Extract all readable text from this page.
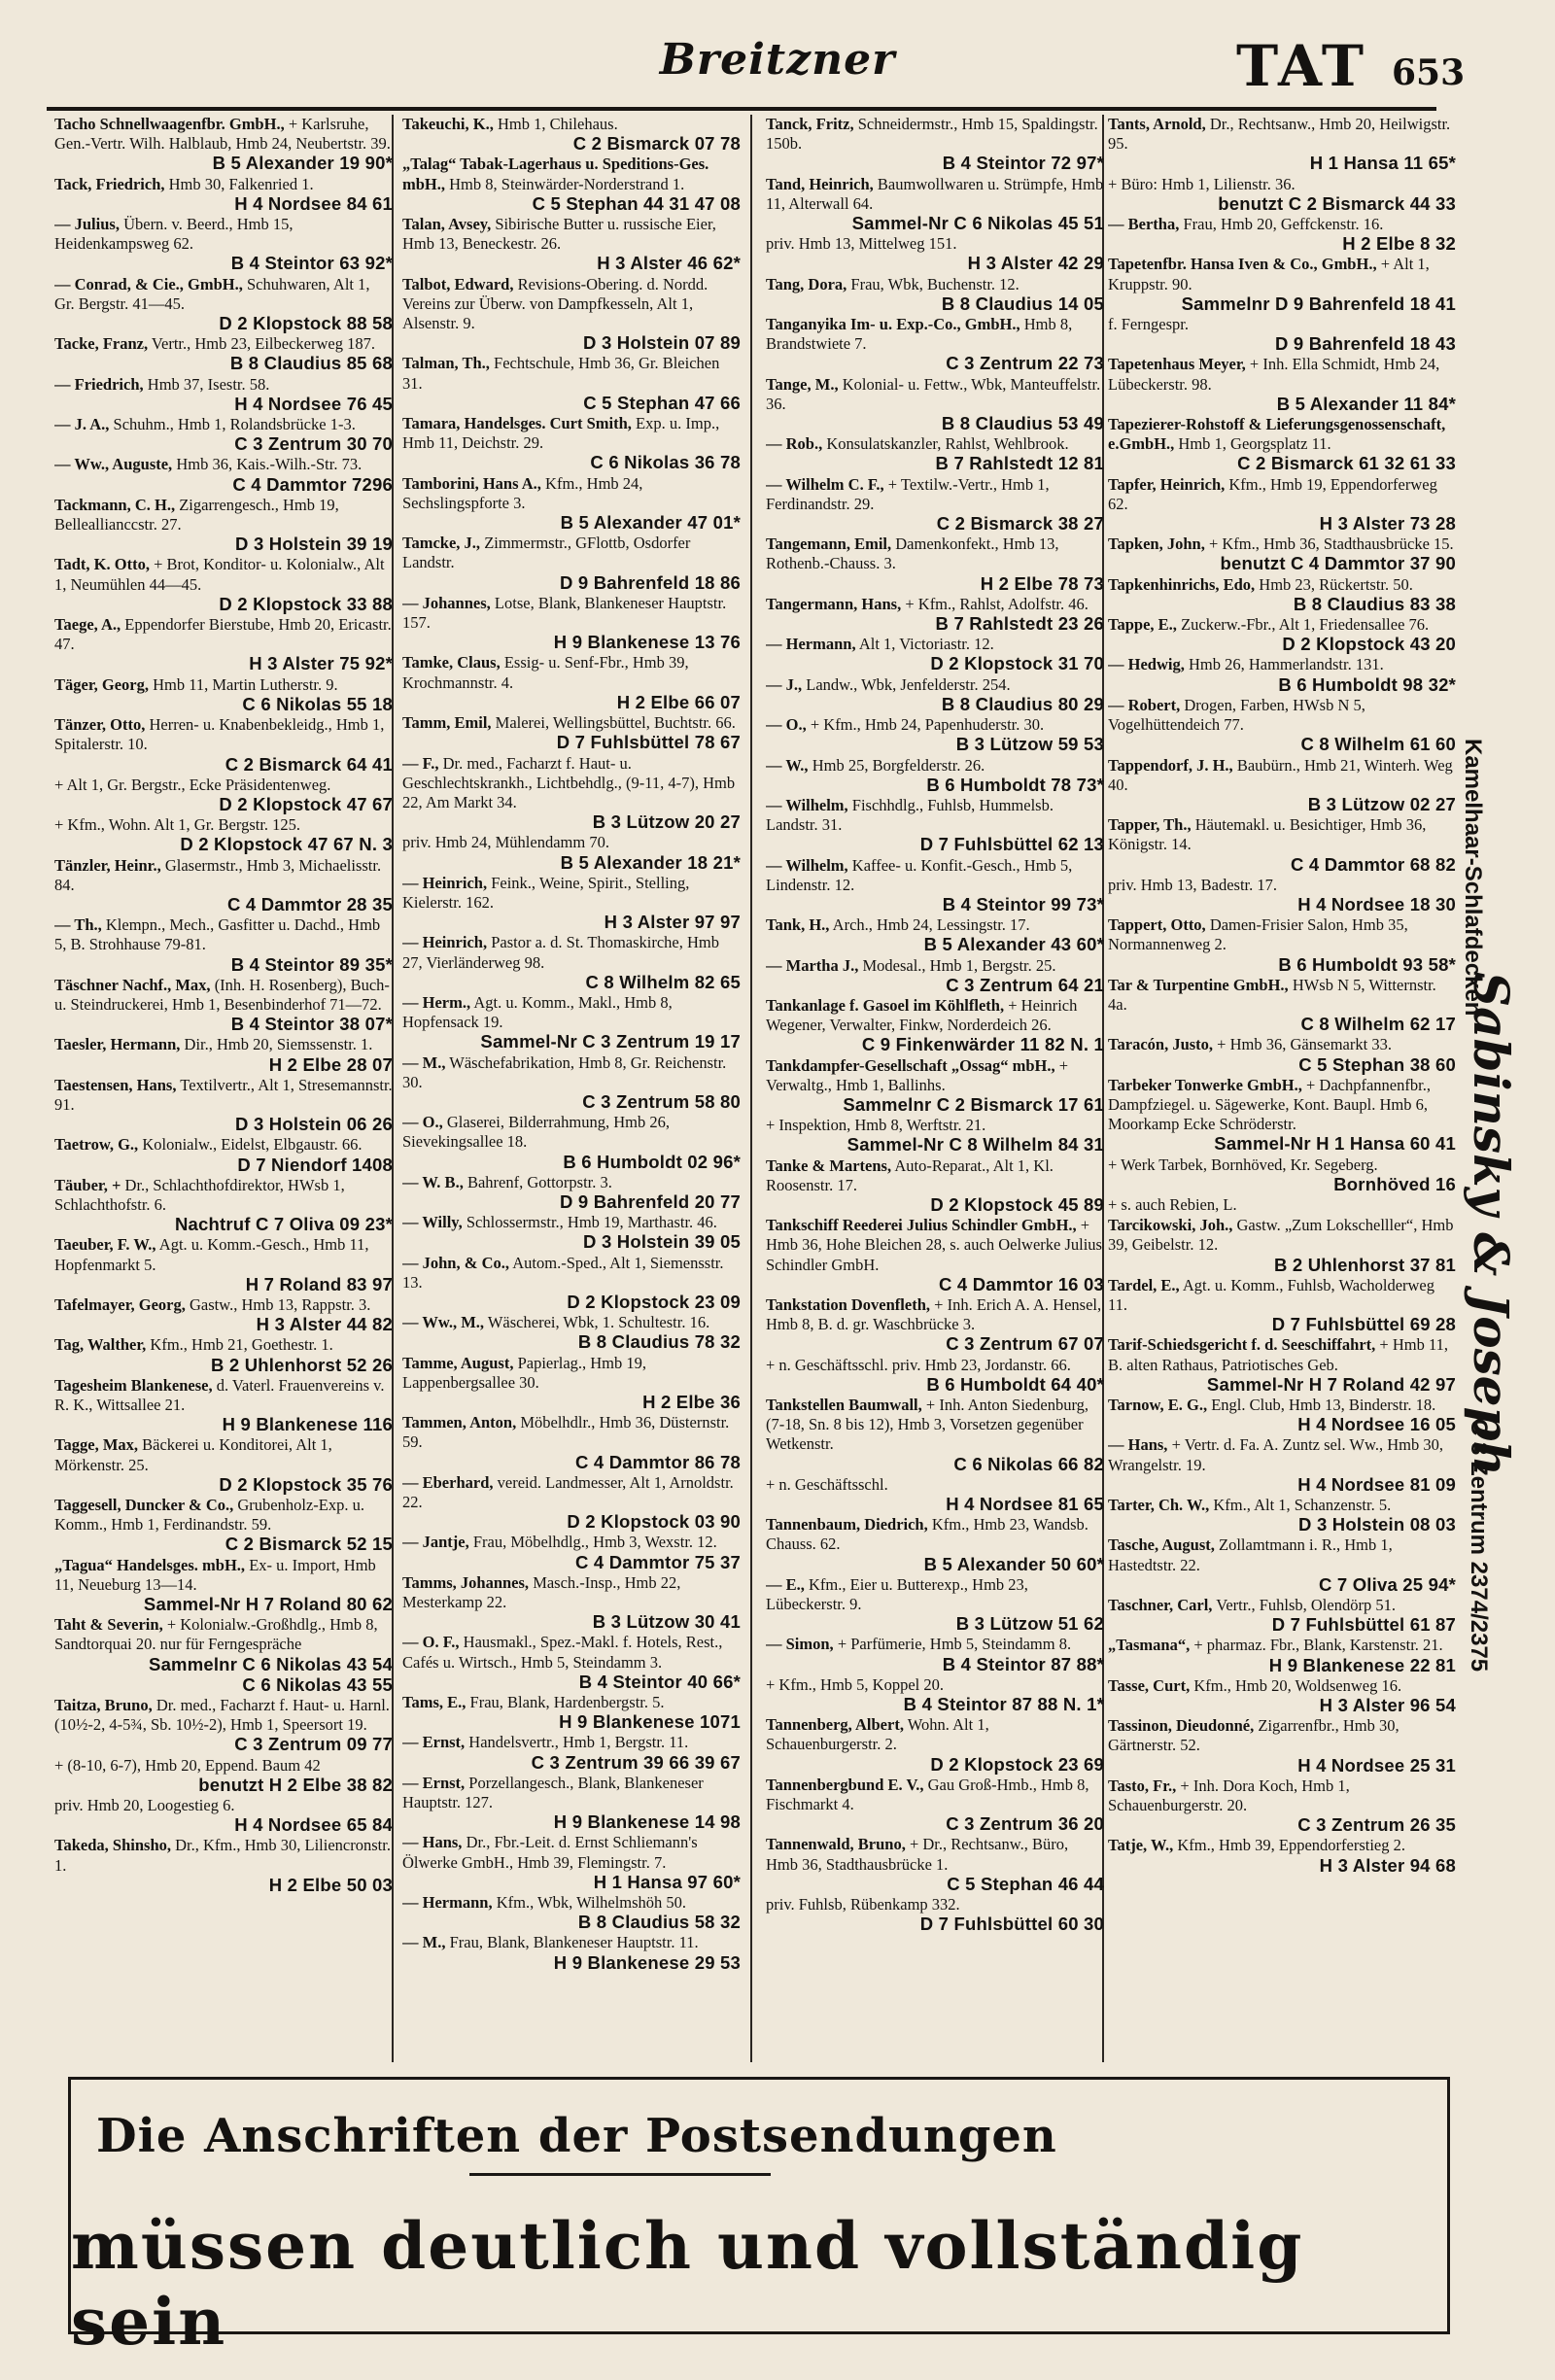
Breitzner	TAT 653
Tacho Schnellwaagenfbr. GmbH., + Karlsruhe, Gen.-Vertr. Wilh. Halblaub, Hmb 24, Neubertstr. 39.
B 5 Alexander 19 90*
Tack, Friedrich, Hmb 30, Falkenried 1.
H 4 Nordsee 84 61
— Julius, Übern. v. Beerd., Hmb 15, Heidenkampsweg 62.
B 4 Steintor 63 92*
— Conrad, & Cie., GmbH., Schuhwaren, Alt 1, Gr. Bergstr. 41—45.
D 2 Klopstock 88 58
Tacke, Franz, Vertr., Hmb 23, Eilbeckerweg 187.
B 8 Claudius 85 68
— Friedrich, Hmb 37, Isestr. 58.
H 4 Nordsee 76 45
— J. A., Schuhm., Hmb 1, Rolandsbrücke 1-3.
C 3 Zentrum 30 70
— Ww., Auguste, Hmb 36, Kais.-Wilh.-Str. 73.
C 4 Dammtor 7296
Tackmann, C. H., Zigarrengesch., Hmb 19, Belleallianccstr. 27.
D 3 Holstein 39 19
Tadt, K. Otto, + Brot, Konditor- u. Kolonialw., Alt 1, Neumühlen 44—45.
D 2 Klopstock 33 88
Taege, A., Eppendorfer Bierstube, Hmb 20, Ericastr. 47.
H 3 Alster 75 92*
Täger, Georg, Hmb 11, Martin Lutherstr. 9.
C 6 Nikolas 55 18
Tänzer, Otto, Herren- u. Knabenbekleidg., Hmb 1, Spitalerstr. 10.
C 2 Bismarck 64 41
+ Alt 1, Gr. Bergstr., Ecke Präsidentenweg.
D 2 Klopstock 47 67
+ Kfm., Wohn. Alt 1, Gr. Bergstr. 125.
D 2 Klopstock 47 67 N. 3
Tänzler, Heinr., Glasermstr., Hmb 3, Michaelisstr. 84.
C 4 Dammtor 28 35
— Th., Klempn., Mech., Gasfitter u. Dachd., Hmb 5, B. Strohhause 79-81.
B 4 Steintor 89 35*
Täschner Nachf., Max, (Inh. H. Rosenberg), Buch- u. Steindruckerei, Hmb 1, Besenbinderhof 71—72.
B 4 Steintor 38 07*
Taesler, Hermann, Dir., Hmb 20, Siemssenstr. 1.
H 2 Elbe 28 07
Taestensen, Hans, Textilvertr., Alt 1, Stresemannstr. 91.
D 3 Holstein 06 26
Taetrow, G., Kolonialw., Eidelst, Elbgaustr. 66.
D 7 Niendorf 1408
Täuber, + Dr., Schlachthofdirektor, HWsb 1, Schlachthofstr. 6.
Nachtruf C 7 Oliva 09 23*
Taeuber, F. W., Agt. u. Komm.-Gesch., Hmb 11, Hopfenmarkt 5.
H 7 Roland 83 97
Tafelmayer, Georg, Gastw., Hmb 13, Rappstr. 3.
H 3 Alster 44 82
Tag, Walther, Kfm., Hmb 21, Goethestr. 1.
B 2 Uhlenhorst 52 26
Tagesheim Blankenese, d. Vaterl. Frauenvereins v. R. K., Wittsallee 21.
H 9 Blankenese 116
Tagge, Max, Bäckerei u. Konditorei, Alt 1, Mörkenstr. 25.
D 2 Klopstock 35 76
Taggesell, Duncker & Co., Grubenholz-Exp. u. Komm., Hmb 1, Ferdinandstr. 59.
C 2 Bismarck 52 15
„Tagua“ Handelsges. mbH., Ex- u. Import, Hmb 11, Neueburg 13—14.
Sammel-Nr H 7 Roland 80 62
Taht & Severin, + Kolonialw.-Großhdlg., Hmb 8, Sandtorquai 20. nur für Ferngespräche
Sammelnr C 6 Nikolas 43 54
C 6 Nikolas 43 55
Taitza, Bruno, Dr. med., Facharzt f. Haut- u. Harnl. (10½-2, 4-5¾, Sb. 10½-2), Hmb 1, Speersort 19.
C 3 Zentrum 09 77
+ (8-10, 6-7), Hmb 20, Eppend. Baum 42
benutzt H 2 Elbe 38 82
priv. Hmb 20, Loogestieg 6.
H 4 Nordsee 65 84
Takeda, Shinsho, Dr., Kfm., Hmb 30, Liliencronstr. 1.
H 2 Elbe 50 03
Takeuchi, K., Hmb 1, Chilehaus.
C 2 Bismarck 07 78
„Talag“ Tabak-Lagerhaus u. Speditions-Ges. mbH., Hmb 8, Steinwärder-Norderstrand 1.
C 5 Stephan 44 31 47 08
Talan, Avsey, Sibirische Butter u. russische Eier, Hmb 13, Beneckestr. 26.
H 3 Alster 46 62*
Talbot, Edward, Revisions-Obering. d. Nordd. Vereins zur Überw. von Dampfkesseln, Alt 1, Alsenstr. 9.
D 3 Holstein 07 89
Talman, Th., Fechtschule, Hmb 36, Gr. Bleichen 31.
C 5 Stephan 47 66
Tamara, Handelsges. Curt Smith, Exp. u. Imp., Hmb 11, Deichstr. 29.
C 6 Nikolas 36 78
Tamborini, Hans A., Kfm., Hmb 24, Sechslingspforte 3.
B 5 Alexander 47 01*
Tamcke, J., Zimmermstr., GFlottb, Osdorfer Landstr.
D 9 Bahrenfeld 18 86
— Johannes, Lotse, Blank, Blankeneser Hauptstr. 157.
H 9 Blankenese 13 76
Tamke, Claus, Essig- u. Senf-Fbr., Hmb 39, Krochmannstr. 4.
H 2 Elbe 66 07
Tamm, Emil, Malerei, Wellingsbüttel, Buchtstr. 66.
D 7 Fuhlsbüttel 78 67
— F., Dr. med., Facharzt f. Haut- u. Geschlechtskrankh., Lichtbehdlg., (9-11, 4-7), Hmb 22, Am Markt 34.
B 3 Lützow 20 27
priv. Hmb 24, Mühlendamm 70.
B 5 Alexander 18 21*
— Heinrich, Feink., Weine, Spirit., Stelling, Kielerstr. 162.
H 3 Alster 97 97
— Heinrich, Pastor a. d. St. Thomaskirche, Hmb 27, Vierländerweg 98.
C 8 Wilhelm 82 65
— Herm., Agt. u. Komm., Makl., Hmb 8, Hopfensack 19.
Sammel-Nr C 3 Zentrum 19 17
— M., Wäschefabrikation, Hmb 8, Gr. Reichenstr. 30.
C 3 Zentrum 58 80
— O., Glaserei, Bilderrahmung, Hmb 26, Sievekingsallee 18.
B 6 Humboldt 02 96*
— W. B., Bahrenf, Gottorpstr. 3.
D 9 Bahrenfeld 20 77
— Willy, Schlossermstr., Hmb 19, Marthastr. 46.
D 3 Holstein 39 05
— John, & Co., Autom.-Sped., Alt 1, Siemensstr. 13.
D 2 Klopstock 23 09
— Ww., M., Wäscherei, Wbk, 1. Schultestr. 16.
B 8 Claudius 78 32
Tamme, August, Papierlag., Hmb 19, Lappenbergsallee 30.
H 2 Elbe 36
Tammen, Anton, Möbelhdlr., Hmb 36, Düsternstr. 59.
C 4 Dammtor 86 78
— Eberhard, vereid. Landmesser, Alt 1, Arnoldstr. 22.
D 2 Klopstock 03 90
— Jantje, Frau, Möbelhdlg., Hmb 3, Wexstr. 12.
C 4 Dammtor 75 37
Tamms, Johannes, Masch.-Insp., Hmb 22, Mesterkamp 22.
B 3 Lützow 30 41
— O. F., Hausmakl., Spez.-Makl. f. Hotels, Rest., Cafés u. Wirtsch., Hmb 5, Steindamm 3.
B 4 Steintor 40 66*
Tams, E., Frau, Blank, Hardenbergstr. 5.
H 9 Blankenese 1071
— Ernst, Handelsvertr., Hmb 1, Bergstr. 11.
C 3 Zentrum 39 66 39 67
— Ernst, Porzellangesch., Blank, Blankeneser Hauptstr. 127.
H 9 Blankenese 14 98
— Hans, Dr., Fbr.-Leit. d. Ernst Schliemann's Ölwerke GmbH., Hmb 39, Flemingstr. 7.
H 1 Hansa 97 60*
— Hermann, Kfm., Wbk, Wilhelmshöh 50.
B 8 Claudius 58 32
— M., Frau, Blank, Blankeneser Hauptstr. 11.
H 9 Blankenese 29 53
Tanck, Fritz, Schneidermstr., Hmb 15, Spaldingstr. 150b.
B 4 Steintor 72 97*
Tand, Heinrich, Baumwollwaren u. Strümpfe, Hmb 11, Alterwall 64.
Sammel-Nr C 6 Nikolas 45 51
priv. Hmb 13, Mittelweg 151.
H 3 Alster 42 29
Tang, Dora, Frau, Wbk, Buchenstr. 12.
B 8 Claudius 14 05
Tanganyika Im- u. Exp.-Co., GmbH., Hmb 8, Brandstwiete 7.
C 3 Zentrum 22 73
Tange, M., Kolonial- u. Fettw., Wbk, Manteuffelstr. 36.
B 8 Claudius 53 49
— Rob., Konsulatskanzler, Rahlst, Wehlbrook.
B 7 Rahlstedt 12 81
— Wilhelm C. F., + Textilw.-Vertr., Hmb 1, Ferdinandstr. 29.
C 2 Bismarck 38 27
Tangemann, Emil, Damenkonfekt., Hmb 13, Rothenb.-Chauss. 3.
H 2 Elbe 78 73
Tangermann, Hans, + Kfm., Rahlst, Adolfstr. 46.
B 7 Rahlstedt 23 26
— Hermann, Alt 1, Victoriastr. 12.
D 2 Klopstock 31 70
— J., Landw., Wbk, Jenfelderstr. 254.
B 8 Claudius 80 29
— O., + Kfm., Hmb 24, Papenhuderstr. 30.
B 3 Lützow 59 53
— W., Hmb 25, Borgfelderstr. 26.
B 6 Humboldt 78 73*
— Wilhelm, Fischhdlg., Fuhlsb, Hummelsb. Landstr. 31.
D 7 Fuhlsbüttel 62 13
— Wilhelm, Kaffee- u. Konfit.-Gesch., Hmb 5, Lindenstr. 12.
B 4 Steintor 99 73*
Tank, H., Arch., Hmb 24, Lessingstr. 17.
B 5 Alexander 43 60*
— Martha J., Modesal., Hmb 1, Bergstr. 25.
C 3 Zentrum 64 21
Tankanlage f. Gasoel im Köhlfleth, + Heinrich Wegener, Verwalter, Finkw, Norderdeich 26.
C 9 Finkenwärder 11 82 N. 1
Tankdampfer-Gesellschaft „Ossag“ mbH., + Verwaltg., Hmb 1, Ballinhs.
Sammelnr C 2 Bismarck 17 61
+ Inspektion, Hmb 8, Werftstr. 21.
Sammel-Nr C 8 Wilhelm 84 31
Tanke & Martens, Auto-Reparat., Alt 1, Kl. Roosenstr. 17.
D 2 Klopstock 45 89
Tankschiff Reederei Julius Schindler GmbH., + Hmb 36, Hohe Bleichen 28, s. auch Oelwerke Julius Schindler GmbH.
C 4 Dammtor 16 03
Tankstation Dovenfleth, + Inh. Erich A. A. Hensel, Hmb 8, B. d. gr. Waschbrücke 3.
C 3 Zentrum 67 07
+ n. Geschäftsschl. priv. Hmb 23, Jordanstr. 66.
B 6 Humboldt 64 40*
Tankstellen Baumwall, + Inh. Anton Siedenburg, (7-18, Sn. 8 bis 12), Hmb 3, Vorsetzen gegenüber Wetkenstr.
C 6 Nikolas 66 82
+ n. Geschäftsschl.
H 4 Nordsee 81 65
Tannenbaum, Diedrich, Kfm., Hmb 23, Wandsb. Chauss. 62.
B 5 Alexander 50 60*
— E., Kfm., Eier u. Butterexp., Hmb 23, Lübeckerstr. 9.
B 3 Lützow 51 62
— Simon, + Parfümerie, Hmb 5, Steindamm 8.
B 4 Steintor 87 88*
+ Kfm., Hmb 5, Koppel 20.
B 4 Steintor 87 88 N. 1*
Tannenberg, Albert, Wohn. Alt 1, Schauenburgerstr. 2.
D 2 Klopstock 23 69
Tannenbergbund E. V., Gau Groß-Hmb., Hmb 8, Fischmarkt 4.
C 3 Zentrum 36 20
Tannenwald, Bruno, + Dr., Rechtsanw., Büro, Hmb 36, Stadthausbrücke 1.
C 5 Stephan 46 44
priv. Fuhlsb, Rübenkamp 332.
D 7 Fuhlsbüttel 60 30
Tants, Arnold, Dr., Rechtsanw., Hmb 20, Heilwigstr. 95.
H 1 Hansa 11 65*
+ Büro: Hmb 1, Lilienstr. 36.
benutzt C 2 Bismarck 44 33
— Bertha, Frau, Hmb 20, Geffckenstr. 16.
H 2 Elbe 8 32
Tapetenfbr. Hansa Iven & Co., GmbH., + Alt 1, Kruppstr. 90.
Sammelnr D 9 Bahrenfeld 18 41
f. Ferngespr.
D 9 Bahrenfeld 18 43
Tapetenhaus Meyer, + Inh. Ella Schmidt, Hmb 24, Lübeckerstr. 98.
B 5 Alexander 11 84*
Tapezierer-Rohstoff & Lieferungsgenossenschaft, e.GmbH., Hmb 1, Georgsplatz 11.
C 2 Bismarck 61 32 61 33
Tapfer, Heinrich, Kfm., Hmb 19, Eppendorferweg 62.
H 3 Alster 73 28
Tapken, John, + Kfm., Hmb 36, Stadthausbrücke 15.
benutzt C 4 Dammtor 37 90
Tapkenhinrichs, Edo, Hmb 23, Rückertstr. 50.
B 8 Claudius 83 38
Tappe, E., Zuckerw.-Fbr., Alt 1, Friedensallee 76.
D 2 Klopstock 43 20
— Hedwig, Hmb 26, Hammerlandstr. 131.
B 6 Humboldt 98 32*
— Robert, Drogen, Farben, HWsb N 5, Vogelhüttendeich 77.
C 8 Wilhelm 61 60
Tappendorf, J. H., Baubürn., Hmb 21, Winterh. Weg 40.
B 3 Lützow 02 27
Tapper, Th., Häutemakl. u. Besichtiger, Hmb 36, Königstr. 14.
C 4 Dammtor 68 82
priv. Hmb 13, Badestr. 17.
H 4 Nordsee 18 30
Tappert, Otto, Damen-Frisier Salon, Hmb 35, Normannenweg 2.
B 6 Humboldt 93 58*
Tar & Turpentine GmbH., HWsb N 5, Witternstr. 4a.
C 8 Wilhelm 62 17
Taracón, Justo, + Hmb 36, Gänsemarkt 33.
C 5 Stephan 38 60
Tarbeker Tonwerke GmbH., + Dachpfannenfbr., Dampfziegel. u. Sägewerke, Kont. Baupl. Hmb 6, Moorkamp Ecke Schröderstr.
Sammel-Nr H 1 Hansa 60 41
+ Werk Tarbek, Bornhöved, Kr. Segeberg.
Bornhöved 16
+ s. auch Rebien, L.
Tarcikowski, Joh., Gastw. „Zum Lokschelller“, Hmb 39, Geibelstr. 12.
B 2 Uhlenhorst 37 81
Tardel, E., Agt. u. Komm., Fuhlsb, Wacholderweg 11.
D 7 Fuhlsbüttel 69 28
Tarif-Schiedsgericht f. d. Seeschiffahrt, + Hmb 11, B. alten Rathaus, Patriotisches Geb.
Sammel-Nr H 7 Roland 42 97
Tarnow, E. G., Engl. Club, Hmb 13, Binderstr. 18.
H 4 Nordsee 16 05
— Hans, + Vertr. d. Fa. A. Zuntz sel. Ww., Hmb 30, Wrangelstr. 19.
H 4 Nordsee 81 09
Tarter, Ch. W., Kfm., Alt 1, Schanzenstr. 5.
D 3 Holstein 08 03
Tasche, August, Zollamtmann i. R., Hmb 1, Hastedtstr. 22.
C 7 Oliva 25 94*
Taschner, Carl, Vertr., Fuhlsb, Olendörp 51.
D 7 Fuhlsbüttel 61 87
„Tasmana“, + pharmaz. Fbr., Blank, Karstenstr. 21.
H 9 Blankenese 22 81
Tasse, Curt, Kfm., Hmb 20, Woldsenweg 16.
H 3 Alster 96 54
Tassinon, Dieudonné, Zigarrenfbr., Hmb 30, Gärtnerstr. 52.
H 4 Nordsee 25 31
Tasto, Fr., + Inh. Dora Koch, Hmb 1, Schauenburgerstr. 20.
C 3 Zentrum 26 35
Tatje, W., Kfm., Hmb 39, Eppendorferstieg 2.
H 3 Alster 94 68
Kamelhaar-Schlafdecken
Sabinsky & Joseph
C 3 Zentrum 2374/2375
Die Anschriften der Postsendungen
müssen deutlich und vollständig sein
